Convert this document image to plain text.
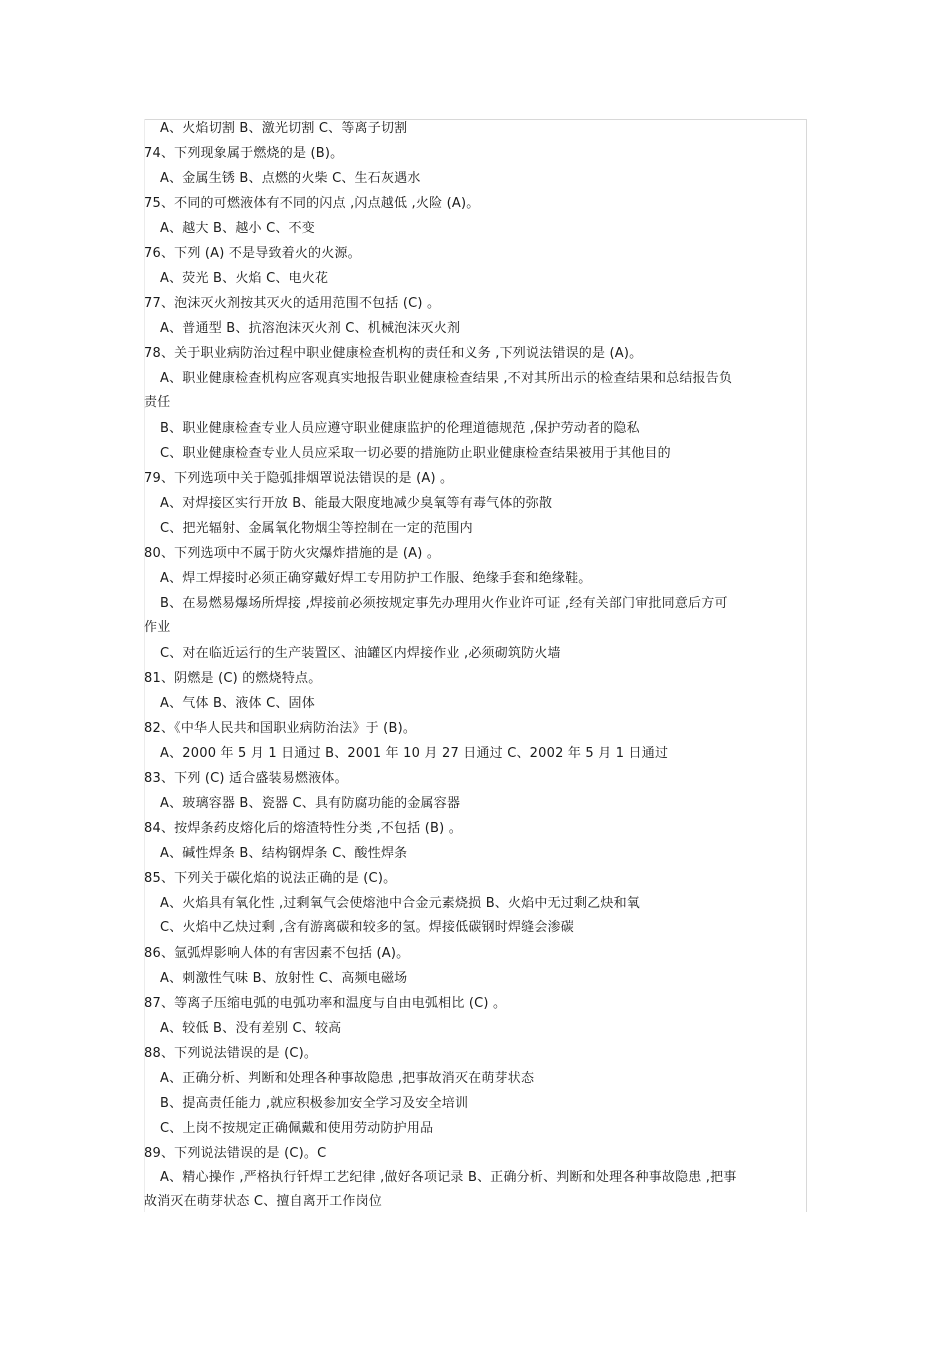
A、火焰切割 B、激光切割 C、等离子切割
74、下列现象属于燃烧的是 (B)。
A、金属生锈 B、点燃的火柴 C、生石灰遇水
75、不同的可燃液体有不同的闪点 ,闪点越低 ,火险 (A)。
A、越大 B、越小 C、不变
76、下列 (A) 不是导致着火的火源。
A、荧光 B、火焰 C、电火花
77、泡沫灭火剂按其灭火的适用范围不包括 (C) 。
A、普通型 B、抗溶泡沫灭火剂 C、机械泡沫灭火剂
78、关于职业病防治过程中职业健康检查机构的责任和义务 ,下列说法错误的是 (A)。
A、职业健康检查机构应客观真实地报告职业健康检查结果 ,不对其所出示的检查结果和总结报告负
责任
B、职业健康检查专业人员应遵守职业健康监护的伦理道德规范 ,保护劳动者的隐私
C、职业健康检查专业人员应采取一切必要的措施防止职业健康检查结果被用于其他目的
79、下列选项中关于隐弧排烟罩说法错误的是 (A) 。
A、对焊接区实行开放 B、能最大限度地减少臭氧等有毒气体的弥散
C、把光辐射、金属氧化物烟尘等控制在一定的范围内
80、下列选项中不属于防火灾爆炸措施的是 (A) 。
A、焊工焊接时必须正确穿戴好焊工专用防护工作服、绝缘手套和绝缘鞋。
B、在易燃易爆场所焊接 ,焊接前必须按规定事先办理用火作业许可证 ,经有关部门审批同意后方可
作业
C、对在临近运行的生产装置区、油罐区内焊接作业 ,必须砌筑防火墙
81、阴燃是 (C) 的燃烧特点。
A、气体 B、液体 C、固体
82、《中华人民共和国职业病防治法》于 (B)。
A、2000 年 5 月 1 日通过 B、2001 年 10 月 27 日通过 C、2002 年 5 月 1 日通过
83、下列 (C) 适合盛装易燃液体。
A、玻璃容器 B、瓷器 C、具有防腐功能的金属容器
84、按焊条药皮熔化后的熔渣特性分类 ,不包括 (B) 。
A、碱性焊条 B、结构钢焊条 C、酸性焊条
85、下列关于碳化焰的说法正确的是 (C)。
A、火焰具有氧化性 ,过剩氧气会使熔池中合金元素烧损 B、火焰中无过剩乙炔和氧
C、火焰中乙炔过剩 ,含有游离碳和较多的氢。焊接低碳钢时焊缝会渗碳
86、氩弧焊影响人体的有害因素不包括 (A)。
A、刺激性气味 B、放射性 C、高频电磁场
87、等离子压缩电弧的电弧功率和温度与自由电弧相比 (C) 。
A、较低 B、没有差别 C、较高
88、下列说法错误的是 (C)。
A、正确分析、判断和处理各种事故隐患 ,把事故消灭在萌芽状态
B、提高责任能力 ,就应积极参加安全学习及安全培训
C、上岗不按规定正确佩戴和使用劳动防护用品
89、下列说法错误的是 (C)。C
A、精心操作 ,严格执行钎焊工艺纪律 ,做好各项记录 B、正确分析、判断和处理各种事故隐患 ,把事
故消灭在萌芽状态 C、擅自离开工作岗位
